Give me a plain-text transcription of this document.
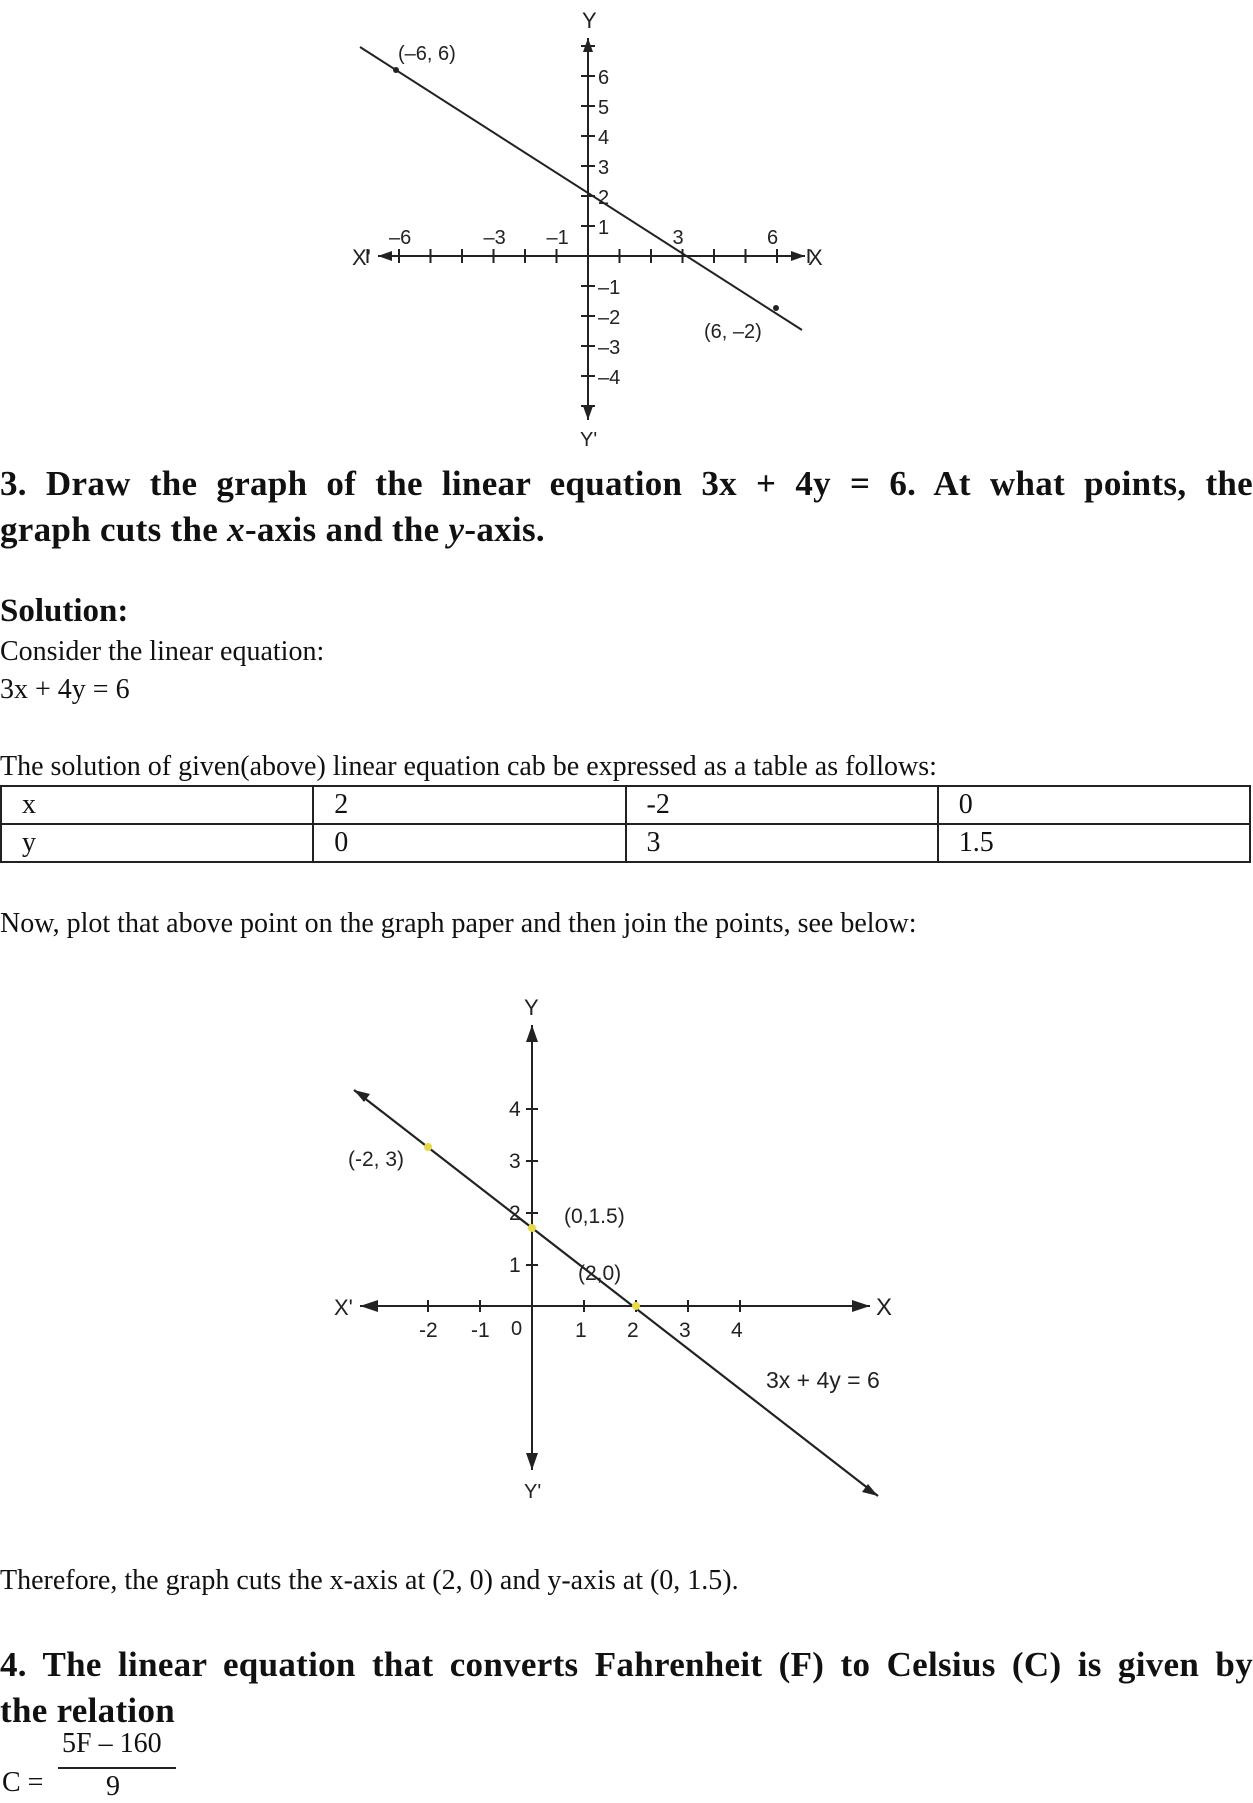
Y
Y'
X
X'
(–6, 6)
(6, –2)
6
5
4
3
2
1
–1
–2
–3
–4
–6	–3 –1	3	6
3. Draw the graph of the linear equation 3x + 4y = 6. At what points, the
graph cuts the x-axis and the y-axis.
Solution:
Consider the linear equation:
3x + 4y = 6
The solution of given(above) linear equation cab be expressed as a table as follows:
x	2	-2	0
y	0	3	1.5
Now, plot that above point on the graph paper and then join the points, see below:
Y
Y'
X
X'
0
(-2, 3)
(0,1.5)
(2,0)
3x + 4y = 6
-2 -1	1 2 3 4
4
3
2
1
Therefore, the graph cuts the x-axis at (2, 0) and y-axis at (0, 1.5).
4. The linear equation that converts Fahrenheit (F) to Celsius (C) is given by
the relation
C =
5F – 160
9
